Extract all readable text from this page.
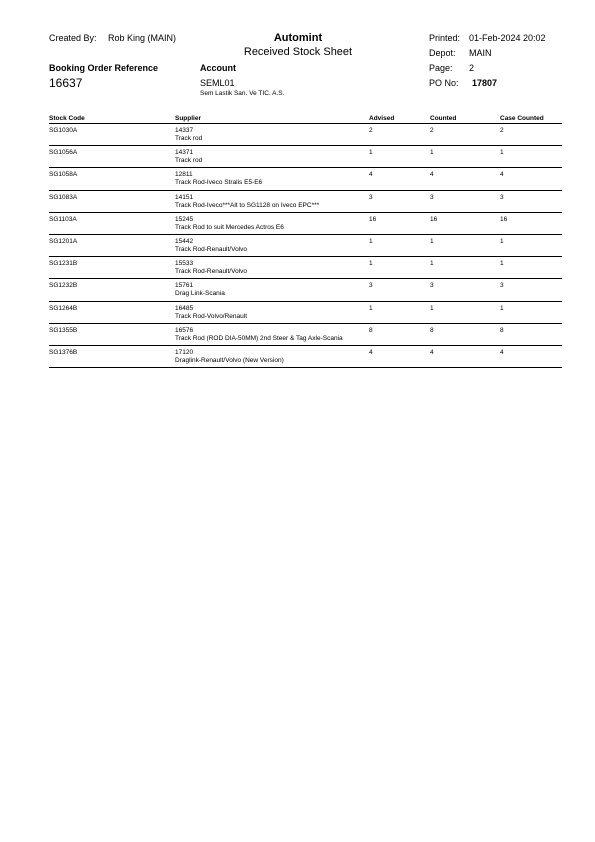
Created By: Rob King (MAIN)	Automint
Received Stock Sheet
Printed: 01-Feb-2024 20:02
Depot: MAIN
Booking Order Reference
16637
Account
SEML01
Sem Lastik San. Ve TIC. A.S.
Page: 2
PO No: 17807
Stock Code	Supplier	Advised	Counted	Case Counted
SG1030A	14337
Track rod
2	2	2
SG1056A	14371
Track rod
1	1	1
SG1058A	12811
Track Rod-Iveco Stralis E5-E6
4	4	4
SG1083A	14151
Track Rod-Iveco***Alt to SG1128 on Iveco EPC***
3	3	3
SG1103A	15245
Track Rod to suit Mercedes Actros E6
16	16	16
SG1201A	15442
Track Rod-Renault/Volvo
1	1	1
SG1231B	15533
Track Rod-Renault/Volvo
1	1	1
SG1232B	15761
Drag Link-Scania
3	3	3
SG1264B	16485
Track Rod-Volvo/Renault
1	1	1
SG1355B	16576
Track Rod (ROD DIA-50MM) 2nd Steer & Tag Axle-Scania
8	8	8
SG1376B	17120
Draglink-Renault/Volvo (New Version)
4	4	4
